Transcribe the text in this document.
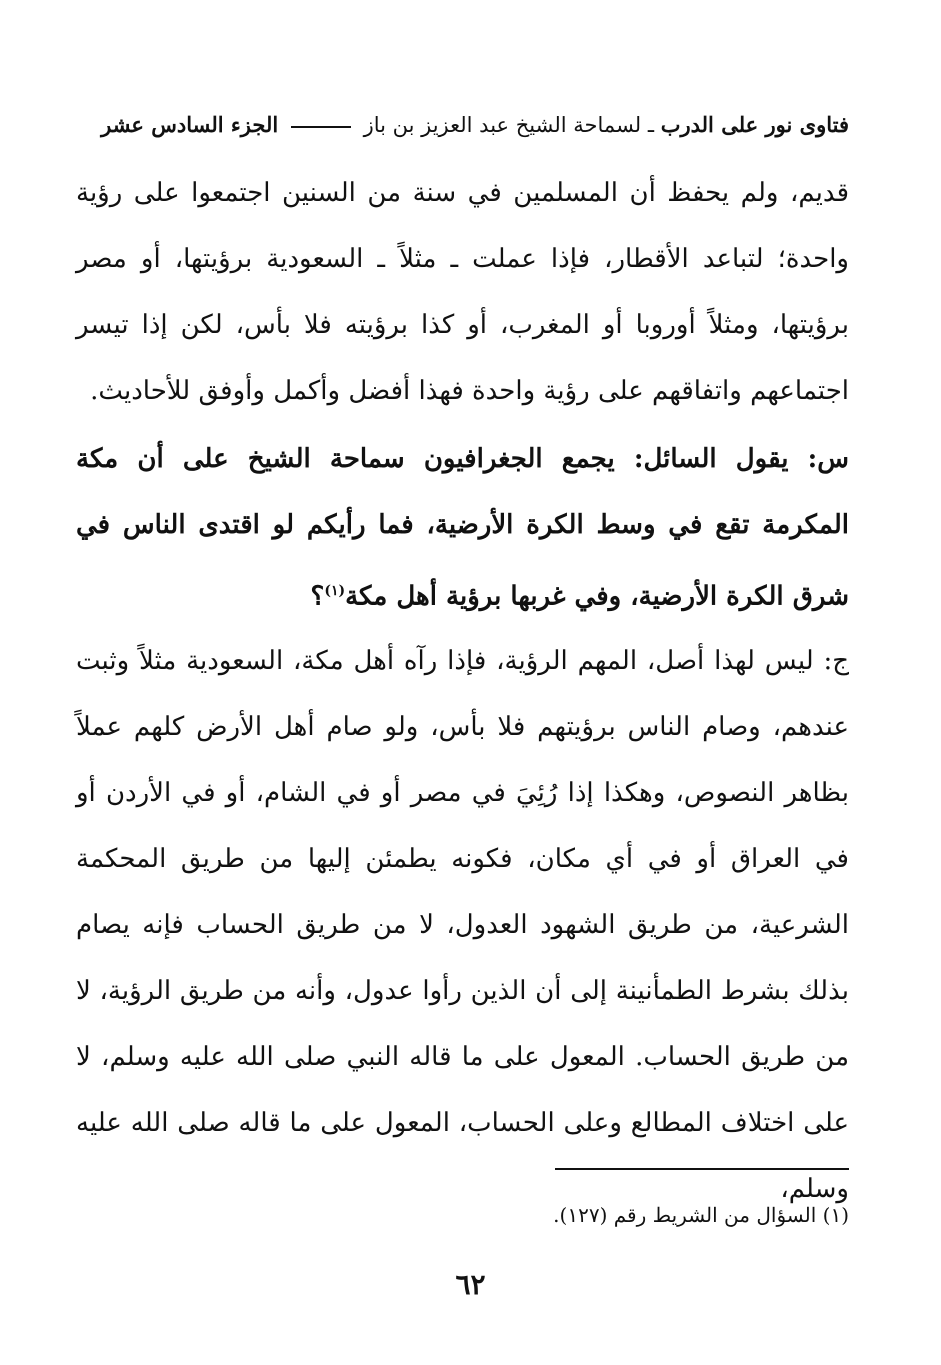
فتاوى نور على الدرب ـ لسماحة الشيخ عبد العزيز بن باز  الجزء السادس عشر

قديم، ولم يحفظ أن المسلمين في سنة من السنين اجتمعوا على رؤية واحدة؛ لتباعد الأقطار، فإذا عملت ـ مثلاً ـ السعودية برؤيتها، أو مصر برؤيتها، ومثلاً أوروبا أو المغرب، أو كذا برؤيته فلا بأس، لكن إذا تيسر اجتماعهم واتفاقهم على رؤية واحدة فهذا أفضل وأكمل وأوفق للأحاديث.

س: يقول السائل: يجمع الجغرافيون سماحة الشيخ على أن مكة المكرمة تقع في وسط الكرة الأرضية، فما رأيكم لو اقتدى الناس في شرق الكرة الأرضية، وفي غربها برؤية أهل مكة$^{(١)}$؟

ج: ليس لهذا أصل، المهم الرؤية، فإذا رآه أهل مكة، السعودية مثلاً وثبت عندهم، وصام الناس برؤيتهم فلا بأس، ولو صام أهل الأرض كلهم عملاً بظاهر النصوص، وهكذا إذا رُئِيَ في مصر أو في الشام، أو في الأردن أو في العراق أو في أي مكان، فكونه يطمئن إليها من طريق المحكمة الشرعية، من طريق الشهود العدول، لا من طريق الحساب فإنه يصام بذلك بشرط الطمأنينة إلى أن الذين رأوا عدول، وأنه من طريق الرؤية، لا من طريق الحساب. المعول على ما قاله النبي صلى الله عليه وسلم، لا على اختلاف المطالع وعلى الحساب، المعول على ما قاله صلى الله عليه وسلم،

(١) السؤال من الشريط رقم (١٢٧).
٦٢
